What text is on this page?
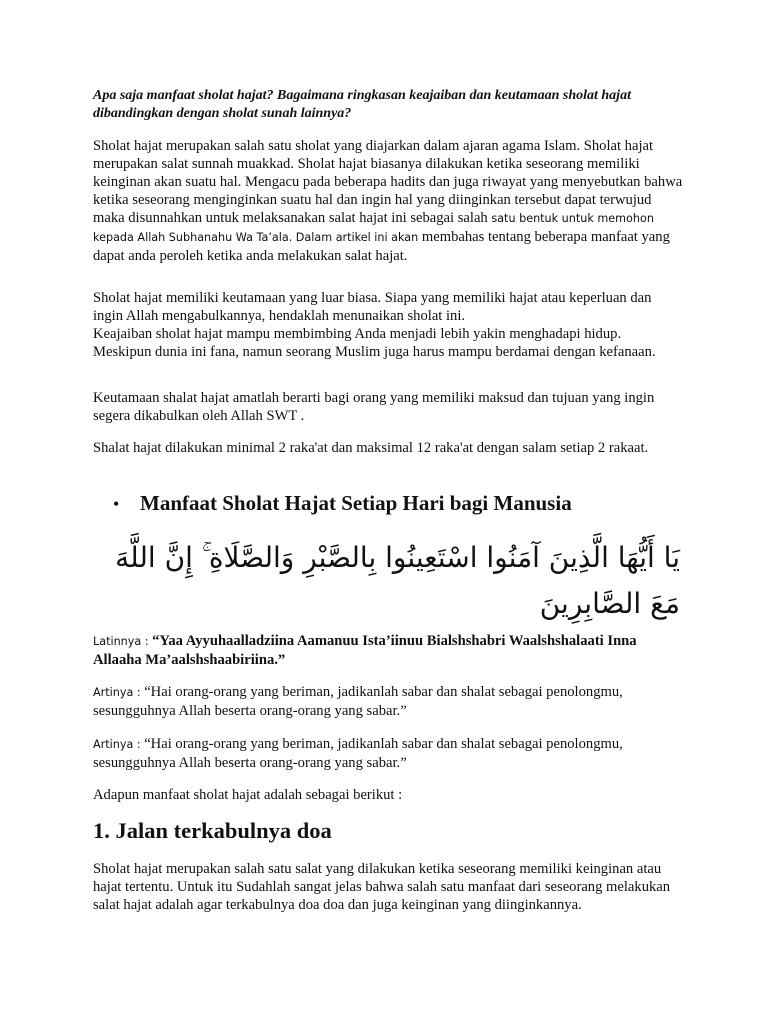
Apa saja manfaat sholat hajat? Bagaimana ringkasan keajaiban dan keutamaan sholat hajat dibandingkan dengan sholat sunah lainnya?

Sholat hajat merupakan salah satu sholat yang diajarkan dalam ajaran agama Islam. Sholat hajat merupakan salat sunnah muakkad. Sholat hajat biasanya dilakukan ketika seseorang memiliki keinginan akan suatu hal. Mengacu pada beberapa hadits dan juga riwayat yang menyebutkan bahwa ketika seseorang menginginkan suatu hal dan ingin hal yang diinginkan tersebut dapat terwujud maka disunnahkan untuk melaksanakan salat hajat ini sebagai salah satu bentuk untuk memohon kepada Allah Subhanahu Wa Ta’ala. Dalam artikel ini akan membahas tentang beberapa manfaat yang dapat anda peroleh ketika anda melakukan salat hajat.

Sholat hajat memiliki keutamaan yang luar biasa. Siapa yang memiliki hajat atau keperluan dan ingin Allah mengabulkannya, hendaklah menunaikan sholat ini.
Keajaiban sholat hajat mampu membimbing Anda menjadi lebih yakin menghadapi hidup. Meskipun dunia ini fana, namun seorang Muslim juga harus mampu berdamai dengan kefanaan.

Keutamaan shalat hajat amatlah berarti bagi orang yang memiliki maksud dan tujuan yang ingin segera dikabulkan oleh Allah SWT .

Shalat hajat dilakukan minimal 2 raka'at dan maksimal 12 raka'at dengan salam setiap 2 rakaat.

• Manfaat Sholat Hajat Setiap Hari bagi Manusia
يَا أَيُّهَا الَّذِينَ آمَنُوا اسْتَعِينُوا بِالصَّبْرِ وَالصَّلَاةِ ۚ إِنَّ اللَّهَ مَعَ الصَّابِرِينَ

Latinnya : “Yaa Ayyuhaalladziina Aamanuu Ista’iinuu Bialshshabri Waalshshalaati Inna Allaaha Ma’aalshshaabiriina.”

Artinya : “Hai orang-orang yang beriman, jadikanlah sabar dan shalat sebagai penolongmu, sesungguhnya Allah beserta orang-orang yang sabar.”

Artinya : “Hai orang-orang yang beriman, jadikanlah sabar dan shalat sebagai penolongmu, sesungguhnya Allah beserta orang-orang yang sabar.”

Adapun manfaat sholat hajat adalah sebagai berikut :

1. Jalan terkabulnya doa

Sholat hajat merupakan salah satu salat yang dilakukan ketika seseorang memiliki keinginan atau hajat tertentu. Untuk itu Sudahlah sangat jelas bahwa salah satu manfaat dari seseorang melakukan salat hajat adalah agar terkabulnya doa doa dan juga keinginan yang diinginkannya.
